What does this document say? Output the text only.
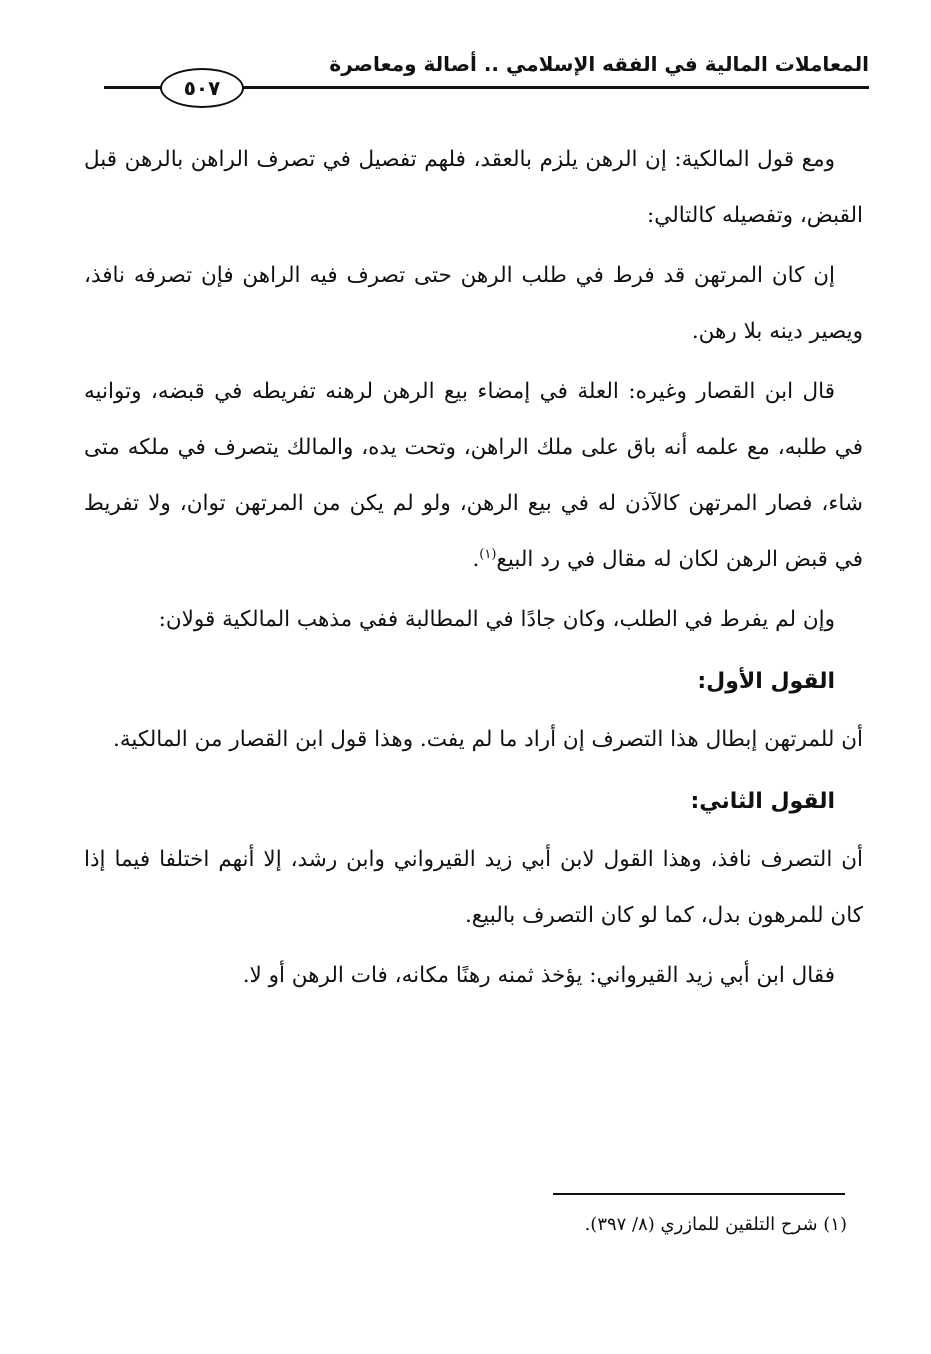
المعاملات المالية في الفقه الإسلامي .. أصالة ومعاصرة
٥٠٧

ومع قول المالكية: إن الرهن يلزم بالعقد، فلهم تفصيل في تصرف الراهن بالرهن قبل القبض، وتفصيله كالتالي:

إن كان المرتهن قد فرط في طلب الرهن حتى تصرف فيه الراهن فإن تصرفه نافذ، ويصير دينه بلا رهن.

قال ابن القصار وغيره: العلة في إمضاء بيع الرهن لرهنه تفريطه في قبضه، وتوانيه في طلبه، مع علمه أنه باق على ملك الراهن، وتحت يده، والمالك يتصرف في ملكه متى شاء، فصار المرتهن كالآذن له في بيع الرهن، ولو لم يكن من المرتهن توان، ولا تفريط في قبض الرهن لكان له مقال في رد البيع$^{(١)}$.

وإن لم يفرط في الطلب، وكان جادًا في المطالبة ففي مذهب المالكية قولان:

القول الأول:

أن للمرتهن إبطال هذا التصرف إن أراد ما لم يفت. وهذا قول ابن القصار من المالكية.

القول الثاني:

أن التصرف نافذ، وهذا القول لابن أبي زيد القيرواني وابن رشد، إلا أنهم اختلفا فيما إذا كان للمرهون بدل، كما لو كان التصرف بالبيع.

فقال ابن أبي زيد القيرواني: يؤخذ ثمنه رهنًا مكانه، فات الرهن أو لا.

(١) شرح التلقين للمازري (٨/ ٣٩٧).
